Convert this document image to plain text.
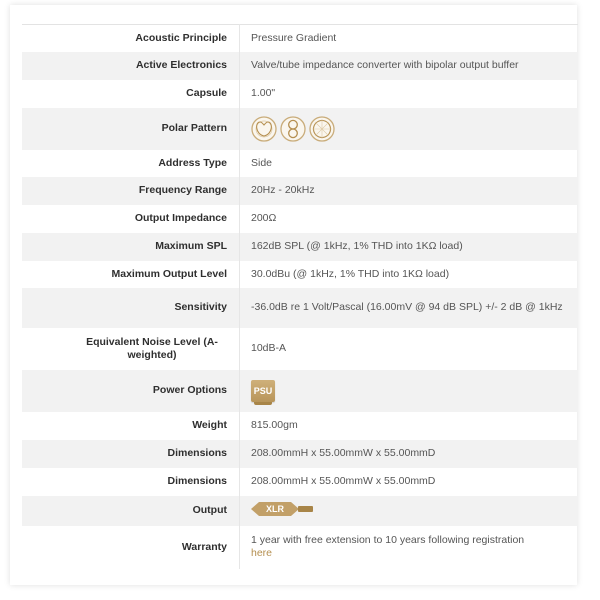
Acoustic Principle	Pressure Gradient
Active Electronics	Valve/tube impedance converter with bipolar output buffer
Capsule	1.00"
Polar Pattern	

Address Type	Side
Frequency Range	20Hz - 20kHz
Output Impedance	200Ω
Maximum SPL	162dB SPL (@ 1kHz, 1% THD into 1KΩ load)
Maximum Output Level	30.0dBu (@ 1kHz, 1% THD into 1KΩ load)
Sensitivity	-36.0dB re 1 Volt/Pascal (16.00mV @ 94 dB SPL) +/- 2 dB @ 1kHz
Equivalent Noise Level (A-weighted)	10dB-A
Power Options	PSU
Weight	815.00gm
Dimensions	208.00mmH x 55.00mmW x 55.00mmD
Dimensions	208.00mmH x 55.00mmW x 55.00mmD
Output	XLR

Warranty	1 year with free extension to 10 years following registration
here
